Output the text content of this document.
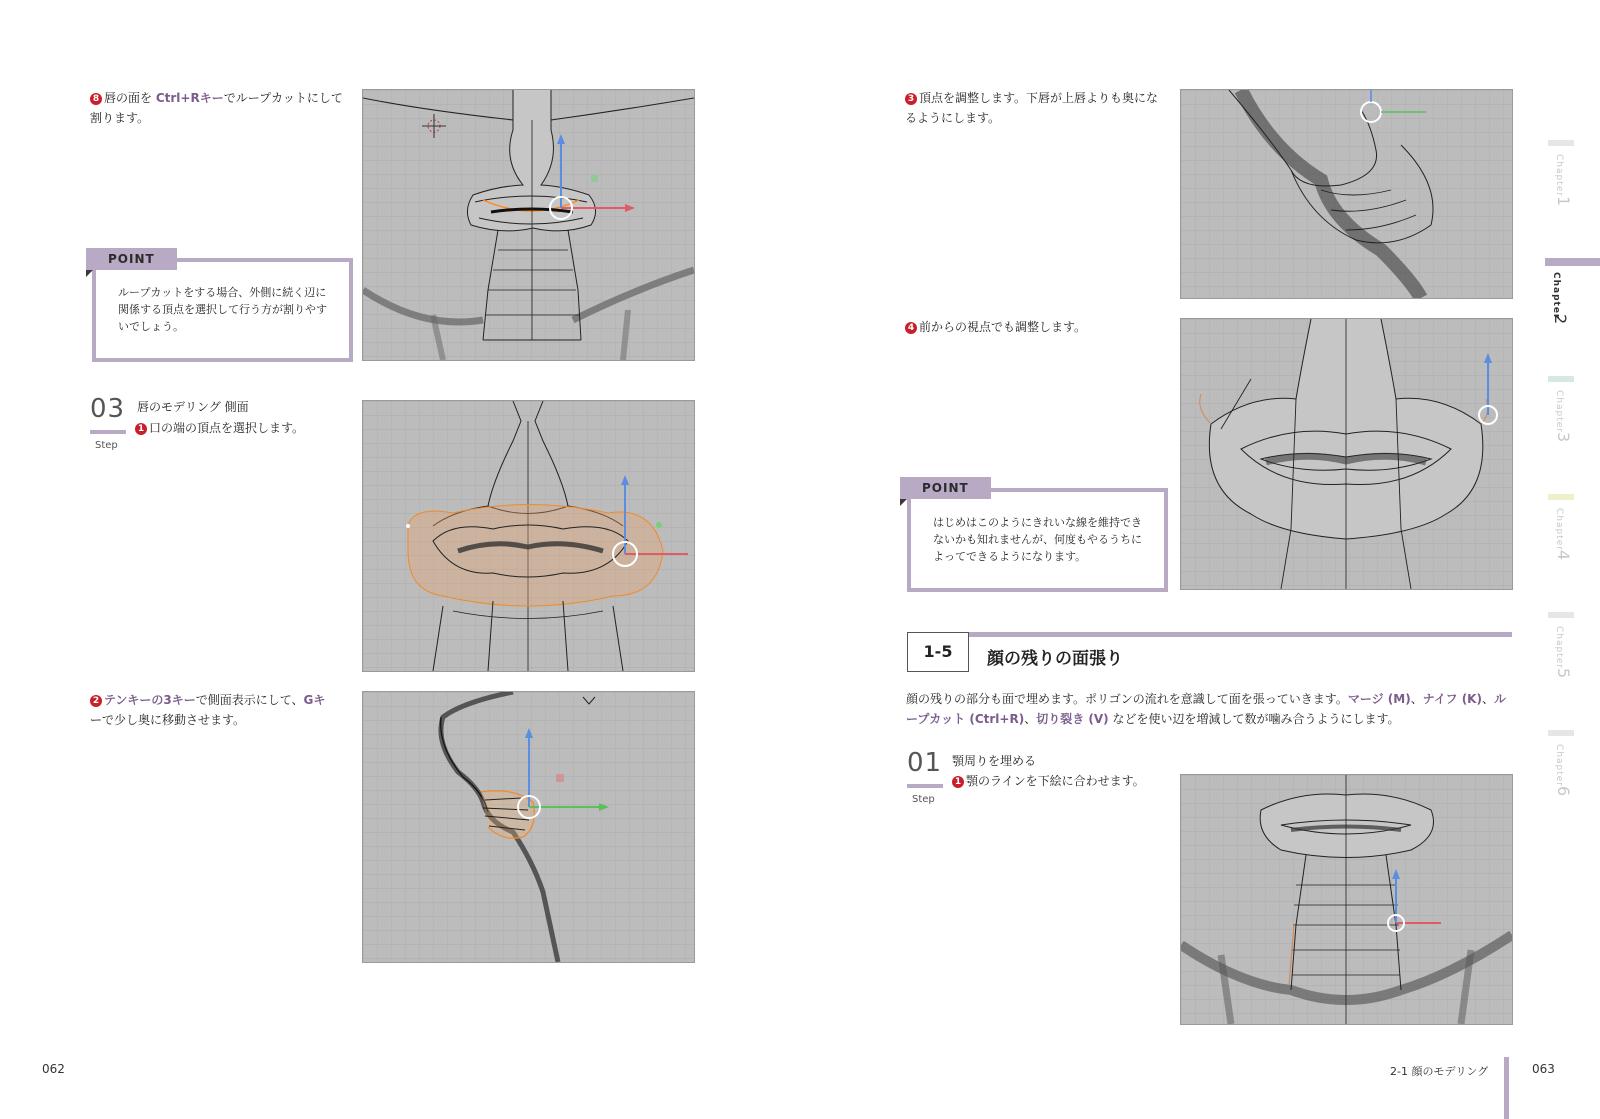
8 唇の面を Ctrl+Rキーでループカットにして割ります。
POINT
ループカットをする場合、外側に続く辺に関係する頂点を選択して行う方が割りやすいでしょう。
03
Step
唇のモデリング 側面
1 口の端の頂点を選択します。
2 テンキーの3キーで側面表示にして、Gキーで少し奥に移動させます。
062
3 頂点を調整します。下唇が上唇よりも奥になるようにします。
4 前からの視点でも調整します。
POINT
はじめはこのようにきれいな線を維持できないかも知れませんが、何度もやるうちによってできるようになります。
1-5	顔の残りの面張り
顔の残りの部分も面で埋めます。ポリゴンの流れを意識して面を張っていきます。マージ (M)、ナイフ (K)、ループカット (Ctrl+R)、切り裂き (V) などを使い辺を増減して数が噛み合うようにします。
01
Step
顎周りを埋める
1 顎のラインを下絵に合わせます。
2-1 顔のモデリング	063
Chapter
1
Chapter
2
Chapter
3
Chapter
4
Chapter
5
Chapter
6
